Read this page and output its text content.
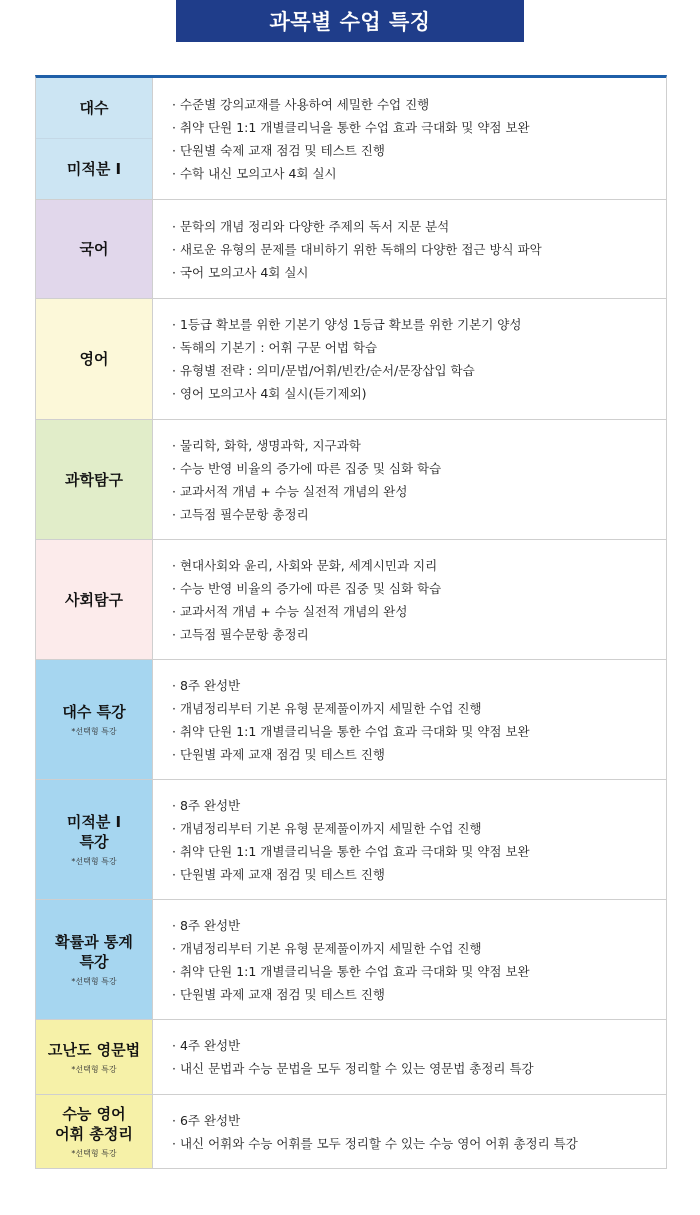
과목별 수업 특징
대수
미적분 I
· 수준별 강의교재를 사용하여 세밀한 수업 진행
· 취약 단원 1:1 개별클리닉을 통한 수업 효과 극대화 및 약점 보완
· 단원별 숙제 교재 점검 및 테스트 진행
· 수학 내신 모의고사 4회 실시
국어
· 문학의 개념 정리와 다양한 주제의 독서 지문 분석
· 새로운 유형의 문제를 대비하기 위한 독해의 다양한 접근 방식 파악
· 국어 모의고사 4회 실시
영어
· 1등급 확보를 위한 기본기 양성 1등급 확보를 위한 기본기 양성
· 독해의 기본기 : 어휘 구문 어법 학습
· 유형별 전략 : 의미/문법/어휘/빈칸/순서/문장삽입 학습
· 영어 모의고사 4회 실시(듣기제외)
과학탐구
· 물리학, 화학, 생명과학, 지구과학
· 수능 반영 비율의 증가에 따른 집중 및 심화 학습
· 교과서적 개념 + 수능 실전적 개념의 완성
· 고득점 필수문항 총정리
사회탐구
· 현대사회와 윤리, 사회와 문화, 세계시민과 지리
· 수능 반영 비율의 증가에 따른 집중 및 심화 학습
· 교과서적 개념 + 수능 실전적 개념의 완성
· 고득점 필수문항 총정리
대수 특강
*선택형 특강
· 8주 완성반
· 개념정리부터 기본 유형 문제풀이까지 세밀한 수업 진행
· 취약 단원 1:1 개별클리닉을 통한 수업 효과 극대화 및 약점 보완
· 단원별 과제 교재 점검 및 테스트 진행
미적분 I
특강
*선택형 특강
· 8주 완성반
· 개념정리부터 기본 유형 문제풀이까지 세밀한 수업 진행
· 취약 단원 1:1 개별클리닉을 통한 수업 효과 극대화 및 약점 보완
· 단원별 과제 교재 점검 및 테스트 진행
확률과 통계
특강
*선택형 특강
· 8주 완성반
· 개념정리부터 기본 유형 문제풀이까지 세밀한 수업 진행
· 취약 단원 1:1 개별클리닉을 통한 수업 효과 극대화 및 약점 보완
· 단원별 과제 교재 점검 및 테스트 진행
고난도 영문법
*선택형 특강
· 4주 완성반
· 내신 문법과 수능 문법을 모두 정리할 수 있는 영문법 총정리 특강
수능 영어
어휘 총정리
*선택형 특강
· 6주 완성반
· 내신 어휘와 수능 어휘를 모두 정리할 수 있는 수능 영어 어휘 총정리 특강
